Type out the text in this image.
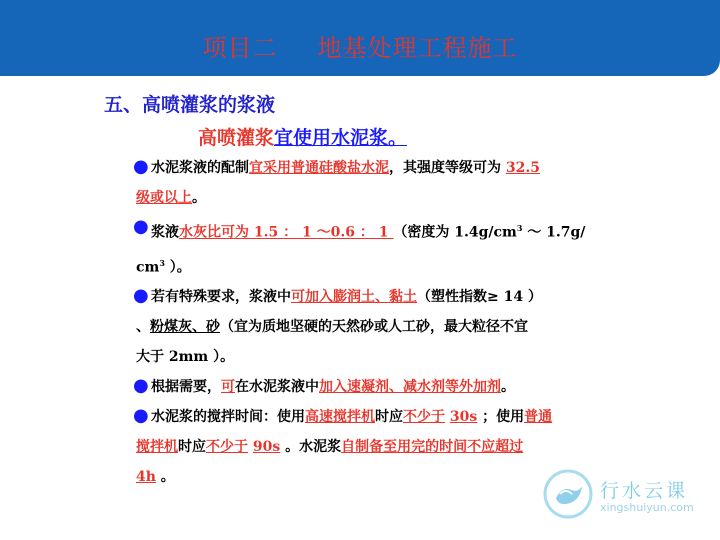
项目二 地基处理工程施工
五、高喷灌浆的浆液
高喷灌浆宜使用水泥浆。
● 水泥浆液的配制宜采用普通硅酸盐水泥，其强度等级可为 32.5
级或以上。
● 浆液水灰比可为 1.5 ： 1 ～0.6 ： 1 （密度为 $1.4g/cm^3$ ～ 1.7g/
$cm^3$ ）。
● 若有特殊要求，浆液中可加入膨润土、黏土（塑性指数≥ 14 ）
、粉煤灰、砂（宜为质地坚硬的天然砂或人工砂，最大粒径不宜
大于 2mm ）。
● 根据需要，可在水泥浆液中加入速凝剂、减水剂等外加剂。
● 水泥浆的搅拌时间：使用高速搅拌机时应不少于 30s ；使用普通
搅拌机时应不少于 90s 。水泥浆自制备至用完的时间不应超过
4h 。
行水云课
xingshuiyun.com
